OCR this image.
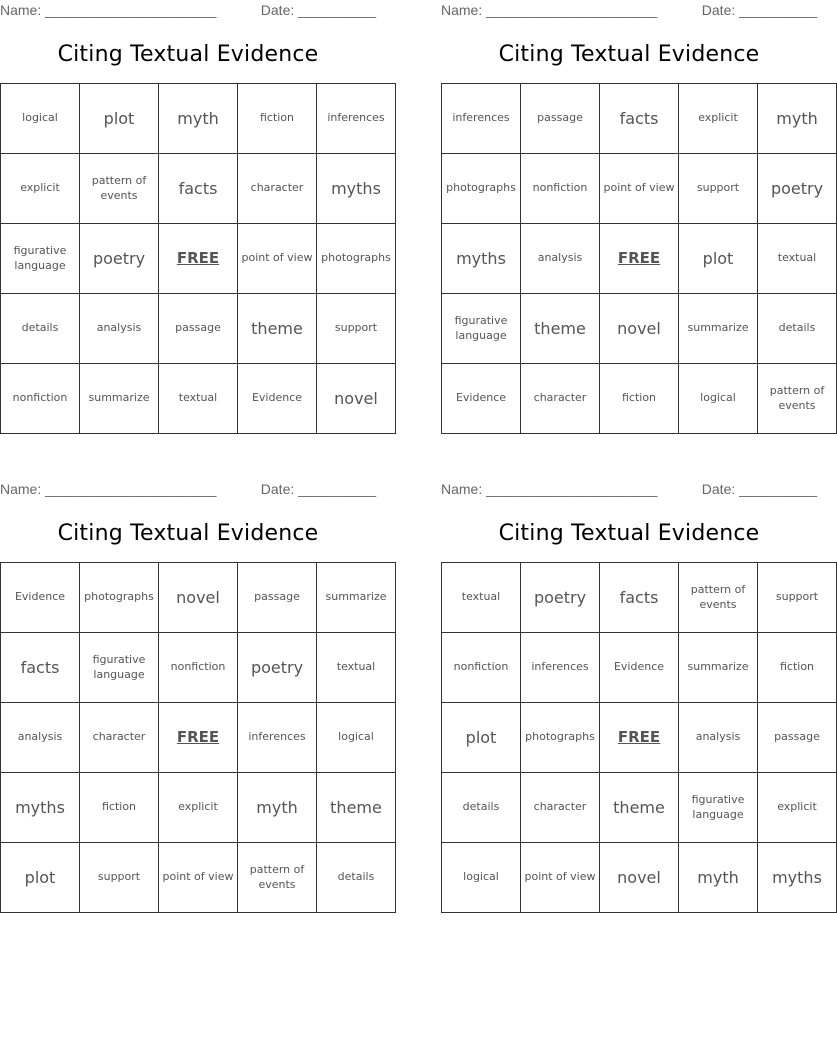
Name: ______________________	Date: __________
Citing Textual Evidence
logical	plot	myth	fiction	inferences
explicit	pattern of events	facts	character	myths
figurative language	poetry	FREE	point of view	photographs
details	analysis	passage	theme	support
nonfiction	summarize	textual	Evidence	novel
Name: ______________________	Date: __________
Citing Textual Evidence
inferences	passage	facts	explicit	myth
photographs	nonfiction	point of view	support	poetry
myths	analysis	FREE	plot	textual
figurative language	theme	novel	summarize	details
Evidence	character	fiction	logical	pattern of events
Name: ______________________	Date: __________
Citing Textual Evidence
Evidence	photographs	novel	passage	summarize
facts	figurative language	nonfiction	poetry	textual
analysis	character	FREE	inferences	logical
myths	fiction	explicit	myth	theme
plot	support	point of view	pattern of events	details
Name: ______________________	Date: __________
Citing Textual Evidence
textual	poetry	facts	pattern of events	support
nonfiction	inferences	Evidence	summarize	fiction
plot	photographs	FREE	analysis	passage
details	character	theme	figurative language	explicit
logical	point of view	novel	myth	myths
